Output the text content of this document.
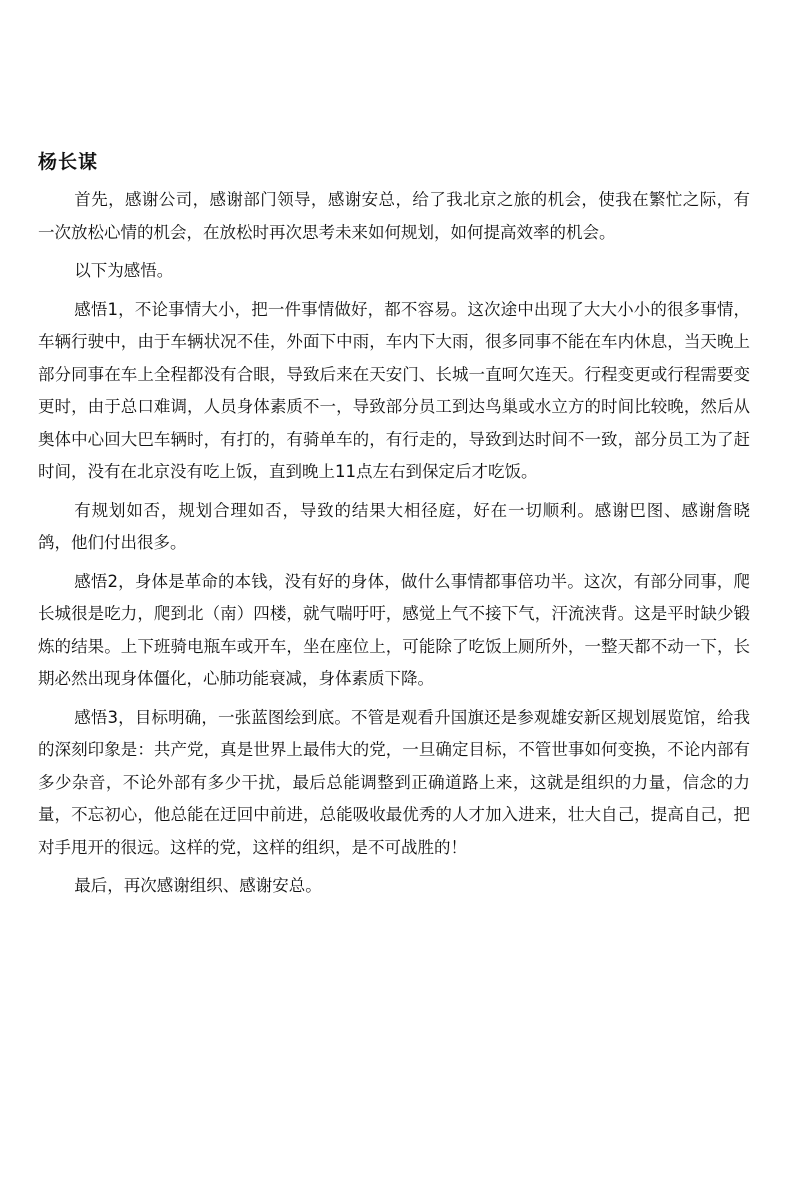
杨长谋

首先，感谢公司，感谢部门领导，感谢安总，给了我北京之旅的机会，使我在繁忙之际，有一次放松心情的机会，在放松时再次思考未来如何规划，如何提高效率的机会。

以下为感悟。

感悟1，不论事情大小，把一件事情做好，都不容易。这次途中出现了大大小小的很多事情，车辆行驶中，由于车辆状况不佳，外面下中雨，车内下大雨，很多同事不能在车内休息，当天晚上部分同事在车上全程都没有合眼，导致后来在天安门、长城一直呵欠连天。行程变更或行程需要变更时，由于总口难调，人员身体素质不一，导致部分员工到达鸟巢或水立方的时间比较晚，然后从奥体中心回大巴车辆时，有打的，有骑单车的，有行走的，导致到达时间不一致，部分员工为了赶时间，没有在北京没有吃上饭，直到晚上11点左右到保定后才吃饭。

有规划如否，规划合理如否，导致的结果大相径庭，好在一切顺利。感谢巴图、感谢詹晓鸽，他们付出很多。

感悟2，身体是革命的本钱，没有好的身体，做什么事情都事倍功半。这次，有部分同事，爬长城很是吃力，爬到北（南）四楼，就气喘吁吁，感觉上气不接下气，汗流浃背。这是平时缺少锻炼的结果。上下班骑电瓶车或开车，坐在座位上，可能除了吃饭上厕所外，一整天都不动一下，长期必然出现身体僵化，心肺功能衰减，身体素质下降。

感悟3，目标明确，一张蓝图绘到底。不管是观看升国旗还是参观雄安新区规划展览馆，给我的深刻印象是：共产党，真是世界上最伟大的党，一旦确定目标，不管世事如何变换，不论内部有多少杂音，不论外部有多少干扰，最后总能调整到正确道路上来，这就是组织的力量，信念的力量，不忘初心，他总能在迂回中前进，总能吸收最优秀的人才加入进来，壮大自己，提高自己，把对手甩开的很远。这样的党，这样的组织，是不可战胜的！

最后，再次感谢组织、感谢安总。
